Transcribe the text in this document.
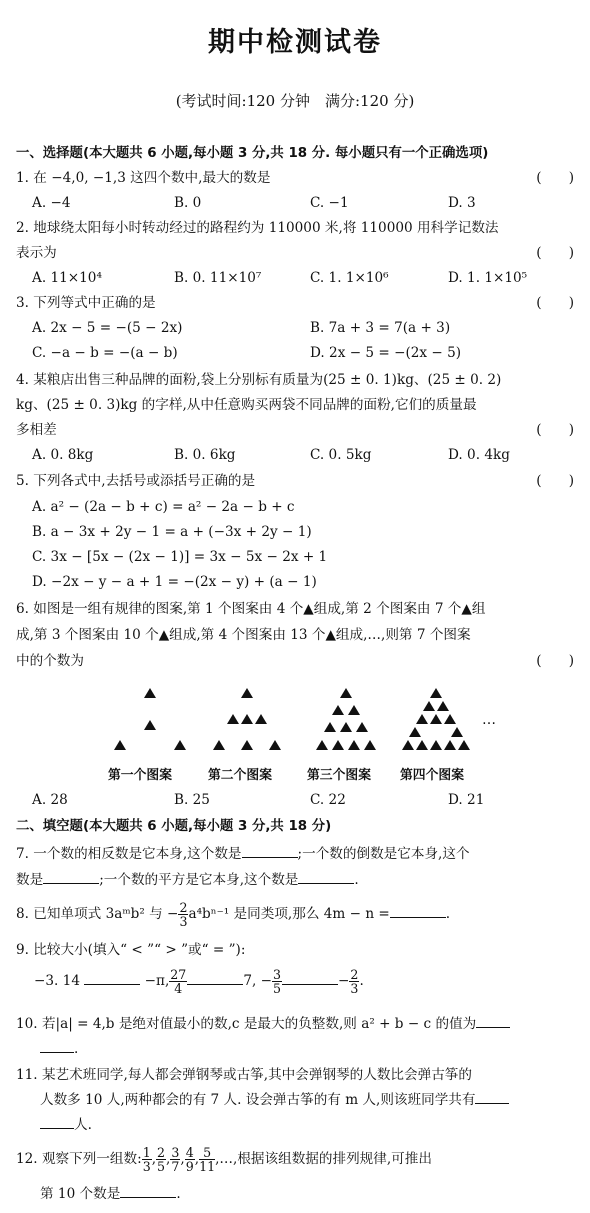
期中检测试卷
(考试时间:120 分钟　满分:120 分)
一、选择题(本大题共 6 小题,每小题 3 分,共 18 分. 每小题只有一个正确选项)
1. 在 −4,0, −1,3 这四个数中,最大的数是	(　　)
A. −4	B. 0	C. −1	D. 3
2. 地球绕太阳每小时转动经过的路程约为 110000 米,将 110000 用科学记数法
表示为	(　　)
A. 11×10⁴	B. 0. 11×10⁷	C. 1. 1×10⁶	D. 1. 1×10⁵
3. 下列等式中正确的是	(　　)
A. 2x − 5 = −(5 − 2x)	B. 7a + 3 = 7(a + 3)
C. −a − b = −(a − b)	D. 2x − 5 = −(2x − 5)
4. 某粮店出售三种品牌的面粉,袋上分别标有质量为(25 ± 0. 1)kg、(25 ± 0. 2)
kg、(25 ± 0. 3)kg 的字样,从中任意购买两袋不同品牌的面粉,它们的质量最
多相差	(　　)
A. 0. 8kg	B. 0. 6kg	C. 0. 5kg	D. 0. 4kg
5. 下列各式中,去括号或添括号正确的是	(　　)
A. a² − (2a − b + c) = a² − 2a − b + c
B. a − 3x + 2y − 1 = a + (−3x + 2y − 1)
C. 3x − [5x − (2x − 1)] = 3x − 5x − 2x + 1
D. −2x − y − a + 1 = −(2x − y) + (a − 1)
6. 如图是一组有规律的图案,第 1 个图案由 4 个▲组成,第 2 个图案由 7 个▲组
成,第 3 个图案由 10 个▲组成,第 4 个图案由 13 个▲组成,…,则第 7 个图案
中的个数为	(　　)
…
第一个图案	第二个图案	第三个图案 第四个图案
A. 28	B. 25	C. 22	D. 21
二、填空题(本大题共 6 小题,每小题 3 分,共 18 分)
7. 一个数的相反数是它本身,这个数是	;一个数的倒数是它本身,这个
数是	;一个数的平方是它本身,这个数是	.
8. 已知单项式 3aᵐb² 与 − $\frac{2}{3} a^4b^{n-1}$ 是同类项,那么 4m − n =	.
9. 比较大小(填入“ < ”“ > ”或“ = ”):
−3. 14	−π, $\frac{27}{4}$	7, − $\frac{3}{5}$	− $\frac{2}{3}$ .
10. 若|a| = 4,b 是绝对值最小的数,c 是最大的负整数,则 a² + b − c 的值为
.
11. 某艺术班同学,每人都会弹钢琴或古筝,其中会弹钢琴的人数比会弹古筝的
人数多 10 人,两种都会的有 7 人. 设会弹古筝的有 m 人,则该班同学共有
人.
12. 观察下列一组数: $\frac{1}{3}$ , $\frac{2}{5}$ , $\frac{3}{7}$ , $\frac{4}{9}$ , $\frac{5}{11}$ ,…,根据该组数据的排列规律,可推出
第 10 个数是	.
